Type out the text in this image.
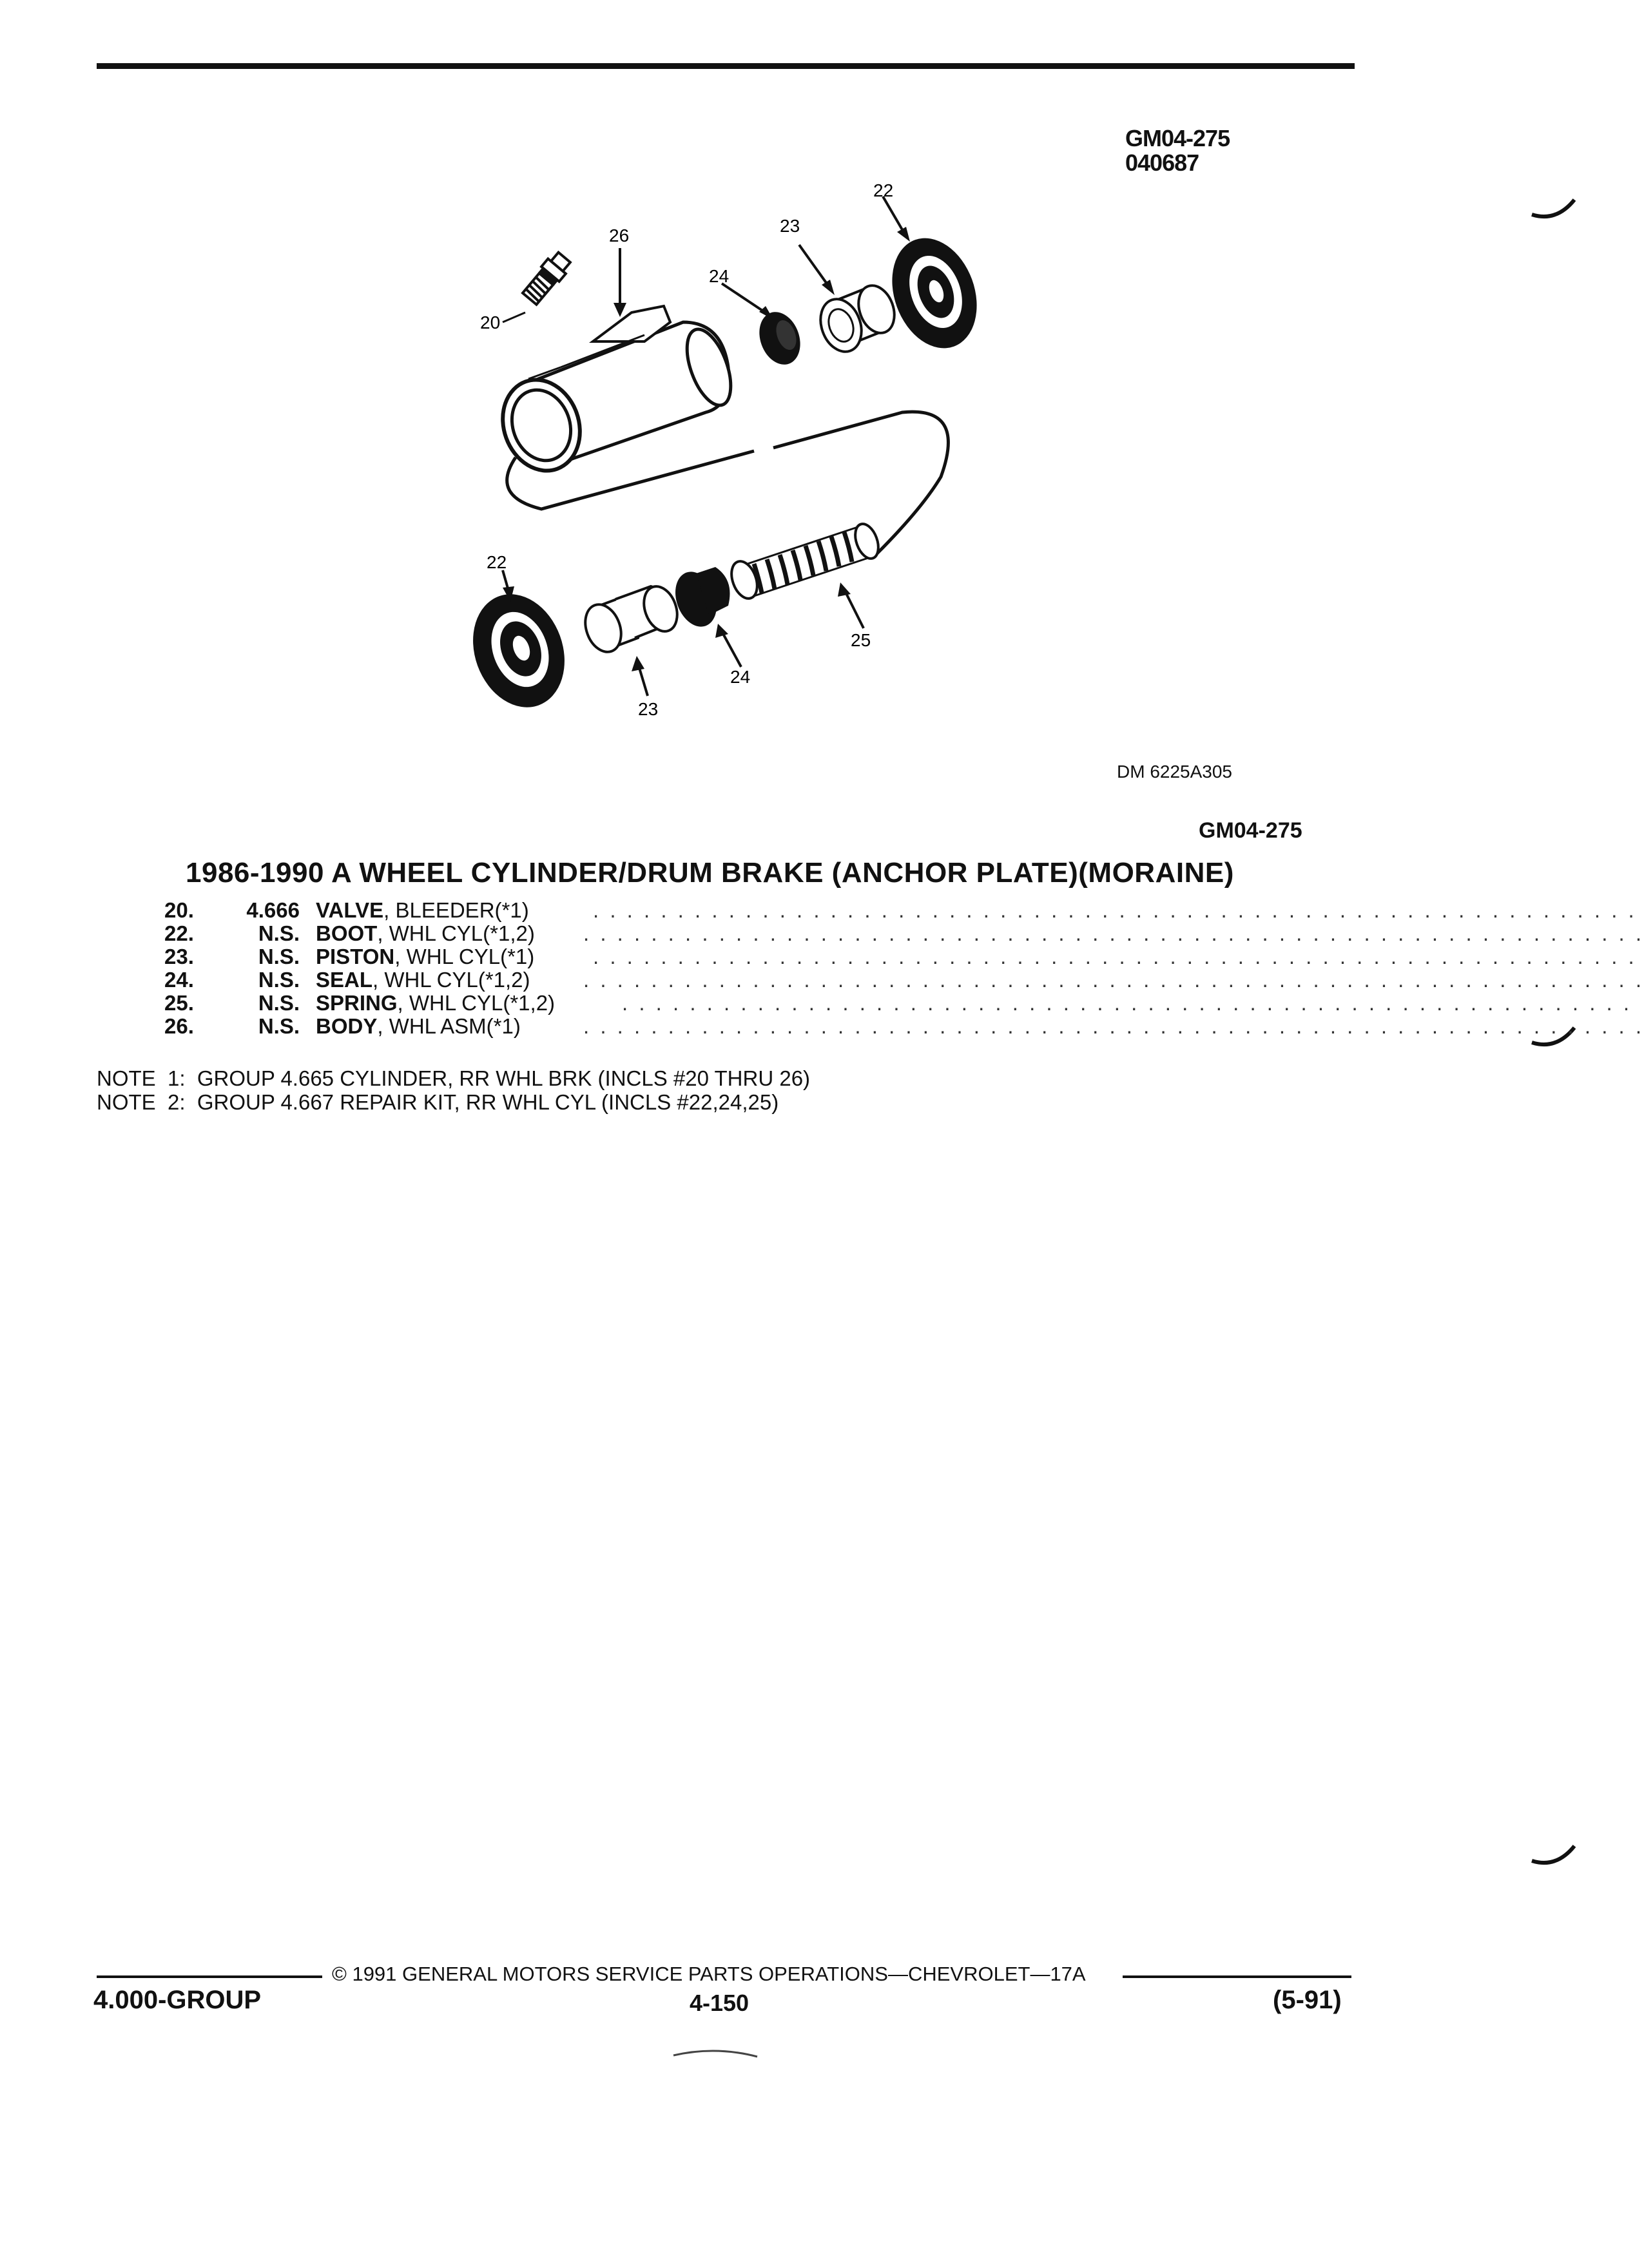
GM04-275
040687
20
26
24
23
22
22
23
24
25
DM 6225A305
GM04-275
1986-1990 A WHEEL CYLINDER/DRUM BRAKE (ANCHOR PLATE)(MORAINE)
20.	4.666 VALVE, BLEEDER(*1)	. . . . . . . . . . . . . . . . . . . . . . . . . . . . . . . . . . . . . . . . . . . . . . . . . . . . . . . . . . . . . .
22.	N.S. BOOT, WHL CYL(*1,2) . . . . . . . . . . . . . . . . . . . . . . . . . . . . . . . . . . . . . . . . . . . . . . . . . . . . . . . . . . . . . . .
23.	N.S. PISTON, WHL CYL(*1)	. . . . . . . . . . . . . . . . . . . . . . . . . . . . . . . . . . . . . . . . . . . . . . . . . . . . . . . . . . . . . .
24.	N.S. SEAL, WHL CYL(*1,2) . . . . . . . . . . . . . . . . . . . . . . . . . . . . . . . . . . . . . . . . . . . . . . . . . . . . . . . . . . . . . . .
25.	N.S. SPRING, WHL CYL(*1,2)	. . . . . . . . . . . . . . . . . . . . . . . . . . . . . . . . . . . . . . . . . . . . . . . . . . . . . . . . . . . .
26.	N.S. BODY, WHL ASM(*1)	. . . . . . . . . . . . . . . . . . . . . . . . . . . . . . . . . . . . . . . . . . . . . . . . . . . . . . . . . . . . . . .
NOTE  1:  GROUP 4.665 CYLINDER, RR WHL BRK (INCLS #20 THRU 26)
NOTE  2:  GROUP 4.667 REPAIR KIT, RR WHL CYL (INCLS #22,24,25)
© 1991 GENERAL MOTORS SERVICE PARTS OPERATIONS—CHEVROLET—17A
4.000-GROUP	4-150	(5-91)
